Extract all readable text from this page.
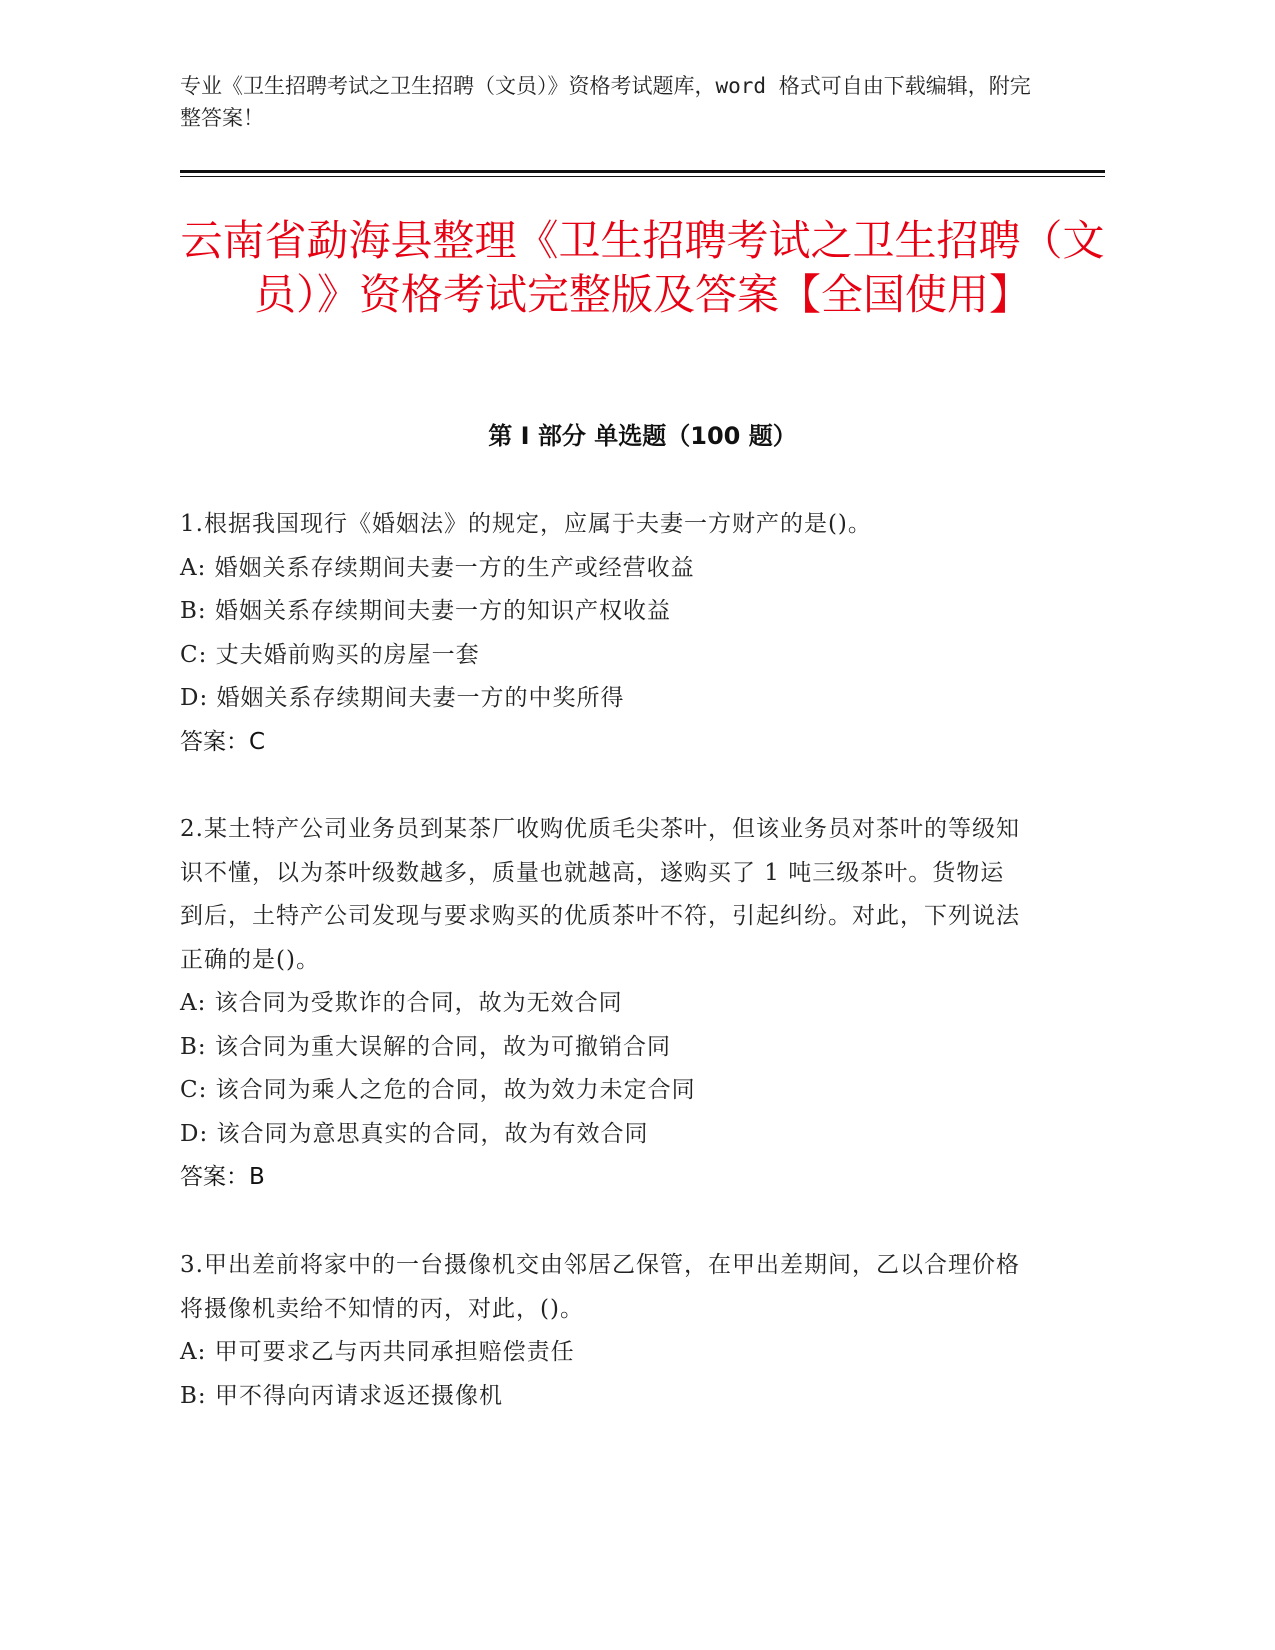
专业《卫生招聘考试之卫生招聘（文员）》资格考试题库，word 格式可自由下载编辑，附完整答案！
云南省勐海县整理《卫生招聘考试之卫生招聘（文员）》资格考试完整版及答案【全国使用】
第 I 部分 单选题（100 题）
1.根据我国现行《婚姻法》的规定，应属于夫妻一方财产的是()。
A: 婚姻关系存续期间夫妻一方的生产或经营收益
B: 婚姻关系存续期间夫妻一方的知识产权收益
C: 丈夫婚前购买的房屋一套
D: 婚姻关系存续期间夫妻一方的中奖所得
答案：C
2.某土特产公司业务员到某茶厂收购优质毛尖茶叶，但该业务员对茶叶的等级知识不懂，以为茶叶级数越多，质量也就越高，遂购买了 1 吨三级茶叶。货物运到后，土特产公司发现与要求购买的优质茶叶不符，引起纠纷。对此，下列说法正确的是()。
A: 该合同为受欺诈的合同，故为无效合同
B: 该合同为重大误解的合同，故为可撤销合同
C: 该合同为乘人之危的合同，故为效力未定合同
D: 该合同为意思真实的合同，故为有效合同
答案：B
3.甲出差前将家中的一台摄像机交由邻居乙保管，在甲出差期间，乙以合理价格将摄像机卖给不知情的丙，对此，()。
A: 甲可要求乙与丙共同承担赔偿责任
B: 甲不得向丙请求返还摄像机
